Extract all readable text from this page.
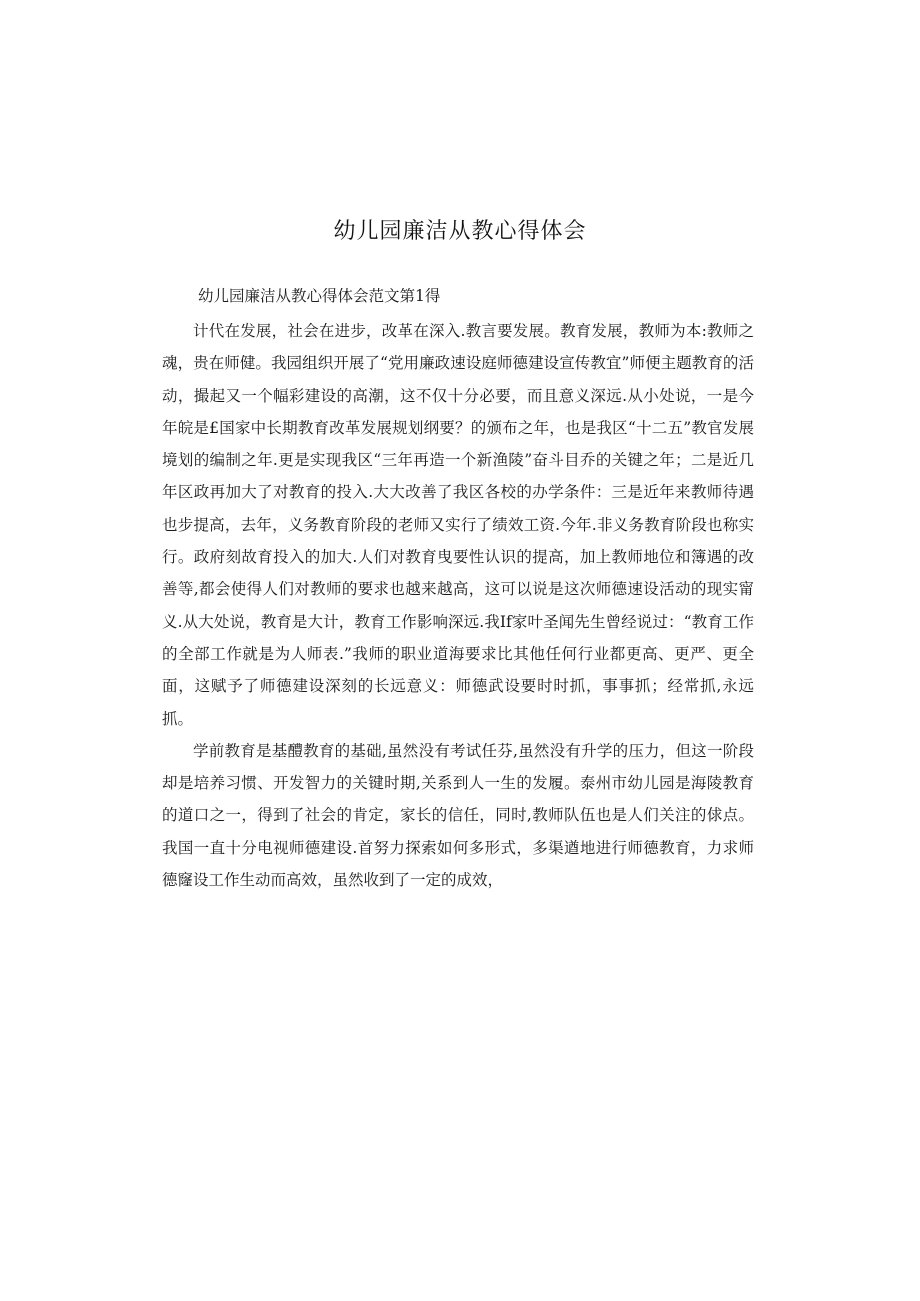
幼儿园廉洁从教心得体会
幼儿园廉洁从教心得体会范文第1得

计代在发展，社会在进步，改革在深入.教言要发展。教育发展，教师为本:教师之魂，贵在师健。我园组织开展了“党用廉政速设庭师德建设宣传教宜”师便主题教育的活动，撮起又一个幅彩建设的高潮，这不仅十分必要，而且意义深远.从小处说，一是今年皖是£国家中长期教育改革发展规划纲要？的颁布之年，也是我区“十二五”教官发展境划的编制之年.更是实现我区“三年再造一个新渔陵”奋斗目乔的关键之年；二是近几年区政再加大了对教育的投入.大大改善了我区各校的办学条件：三是近年来教师待遇也步提高，去年，义务教育阶段的老师又实行了绩效工资.今年.非义务教育阶段也称实行。政府刻故育投入的加大.人们对教育曳要性认识的提高，加上教师地位和簿遇的改善等,都会使得人们对教师的要求也越来越高，这可以说是这次师德速设活动的现实甯义.从大处说，教育是大计，教育工作影响深远.我If家叶圣闻先生曾经说过：“教育工作的全部工作就是为人师表.”我师的职业道海要求比其他任何行业都更高、更严、更全面，这赋予了师德建设深刻的长远意义：师德武设要时时抓，事事抓；经常抓,永远抓。

学前教育是基醴教育的基础,虽然没有考试任芬,虽然没有升学的压力，但这一阶段却是培养习惯、开发智力的关键时期,关系到人一生的发履。泰州市幼儿园是海陵教育的道口之一，得到了社会的肯定，家长的信任，同时,教师队伍也是人们关注的俅点。我国一直十分电视师德建设.首努力探索如何多形式，多渠遒地进行师德教育，力求师德窿设工作生动而高效，虽然收到了一定的成效，
